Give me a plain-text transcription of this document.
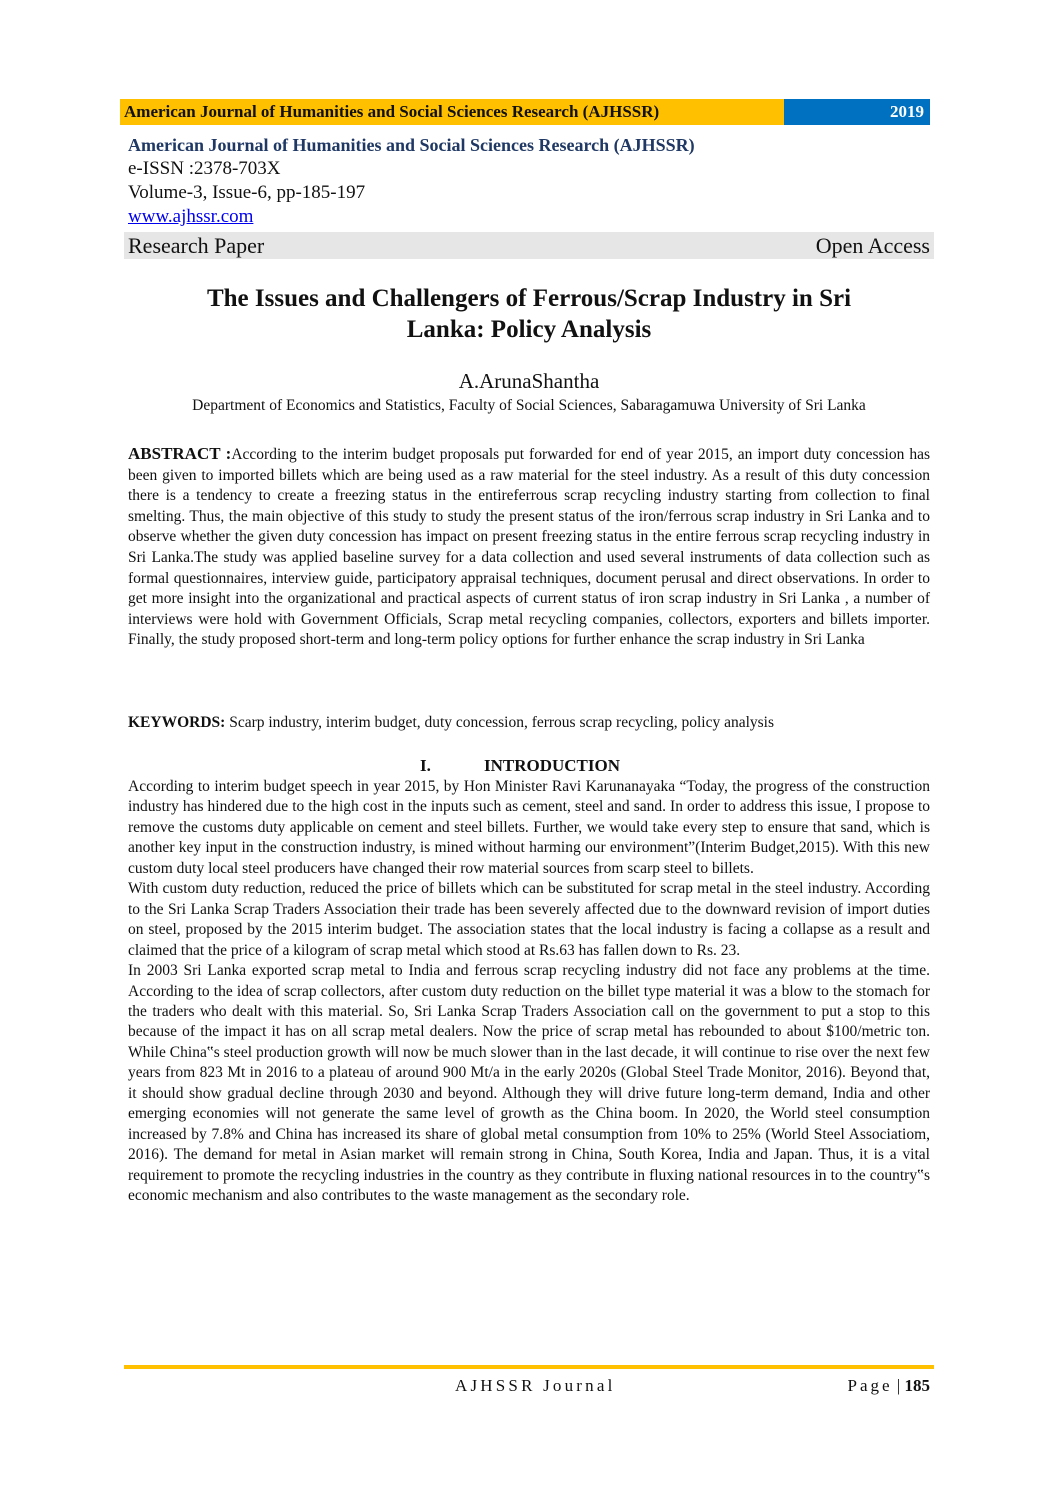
American Journal of Humanities and Social Sciences Research (AJHSSR)	2019
American Journal of Humanities and Social Sciences Research (AJHSSR)
e-ISSN :2378-703X
Volume-3, Issue-6, pp-185-197
www.ajhssr.com
Research Paper	Open Access
The Issues and Challengers of Ferrous/Scrap Industry in Sri
Lanka: Policy Analysis
A.ArunaShantha
Department of Economics and Statistics, Faculty of Social Sciences, Sabaragamuwa University of Sri Lanka
ABSTRACT :According to the interim budget proposals put forwarded for end of year 2015, an import duty concession has been given to imported billets which are being used as a raw material for the steel industry. As a result of this duty concession there is a tendency to create a freezing status in the entireferrous scrap recycling industry starting from collection to final smelting. Thus, the main objective of this study to study the present status of the iron/ferrous scrap industry in Sri Lanka and to observe whether the given duty concession has impact on present freezing status in the entire ferrous scrap recycling industry in Sri Lanka.The study was applied baseline survey for a data collection and used several instruments of data collection such as formal questionnaires, interview guide, participatory appraisal techniques, document perusal and direct observations. In order to get more insight into the organizational and practical aspects of current status of iron scrap industry in Sri Lanka , a number of interviews were hold with Government Officials, Scrap metal recycling companies, collectors, exporters and billets importer. Finally, the study proposed short-term and long-term policy options for further enhance the scrap industry in Sri Lanka
KEYWORDS: Scarp industry, interim budget, duty concession, ferrous scrap recycling, policy analysis
I.	INTRODUCTION

According to interim budget speech in year 2015, by Hon Minister Ravi Karunanayaka “Today, the progress of the construction industry has hindered due to the high cost in the inputs such as cement, steel and sand. In order to address this issue, I propose to remove the customs duty applicable on cement and steel billets. Further, we would take every step to ensure that sand, which is another key input in the construction industry, is mined without harming our environment”(Interim Budget,2015). With this new custom duty local steel producers have changed their row material sources from scarp steel to billets.

With custom duty reduction, reduced the price of billets which can be substituted for scrap metal in the steel industry. According to the Sri Lanka Scrap Traders Association their trade has been severely affected due to the downward revision of import duties on steel, proposed by the 2015 interim budget. The association states that the local industry is facing a collapse as a result and claimed that the price of a kilogram of scrap metal which stood at Rs.63 has fallen down to Rs. 23.

In 2003 Sri Lanka exported scrap metal to India and ferrous scrap recycling industry did not face any problems at the time. According to the idea of scrap collectors, after custom duty reduction on the billet type material it was a blow to the stomach for the traders who dealt with this material. So, Sri Lanka Scrap Traders Association call on the government to put a stop to this because of the impact it has on all scrap metal dealers. Now the price of scrap metal has rebounded to about $100/metric ton. While China‟s steel production growth will now be much slower than in the last decade, it will continue to rise over the next few years from 823 Mt in 2016 to a plateau of around 900 Mt/a in the early 2020s (Global Steel Trade Monitor, 2016). Beyond that, it should show gradual decline through 2030 and beyond. Although they will drive future long-term demand, India and other emerging economies will not generate the same level of growth as the China boom. In 2020, the World steel consumption increased by 7.8% and China has increased its share of global metal consumption from 10% to 25% (World Steel Associatiom, 2016). The demand for metal in Asian market will remain strong in China, South Korea, India and Japan. Thus, it is a vital requirement to promote the recycling industries in the country as they contribute in fluxing national resources in to the country‟s economic mechanism and also contributes to the waste management as the secondary role.

AJHSSR Journal	Page | 185
